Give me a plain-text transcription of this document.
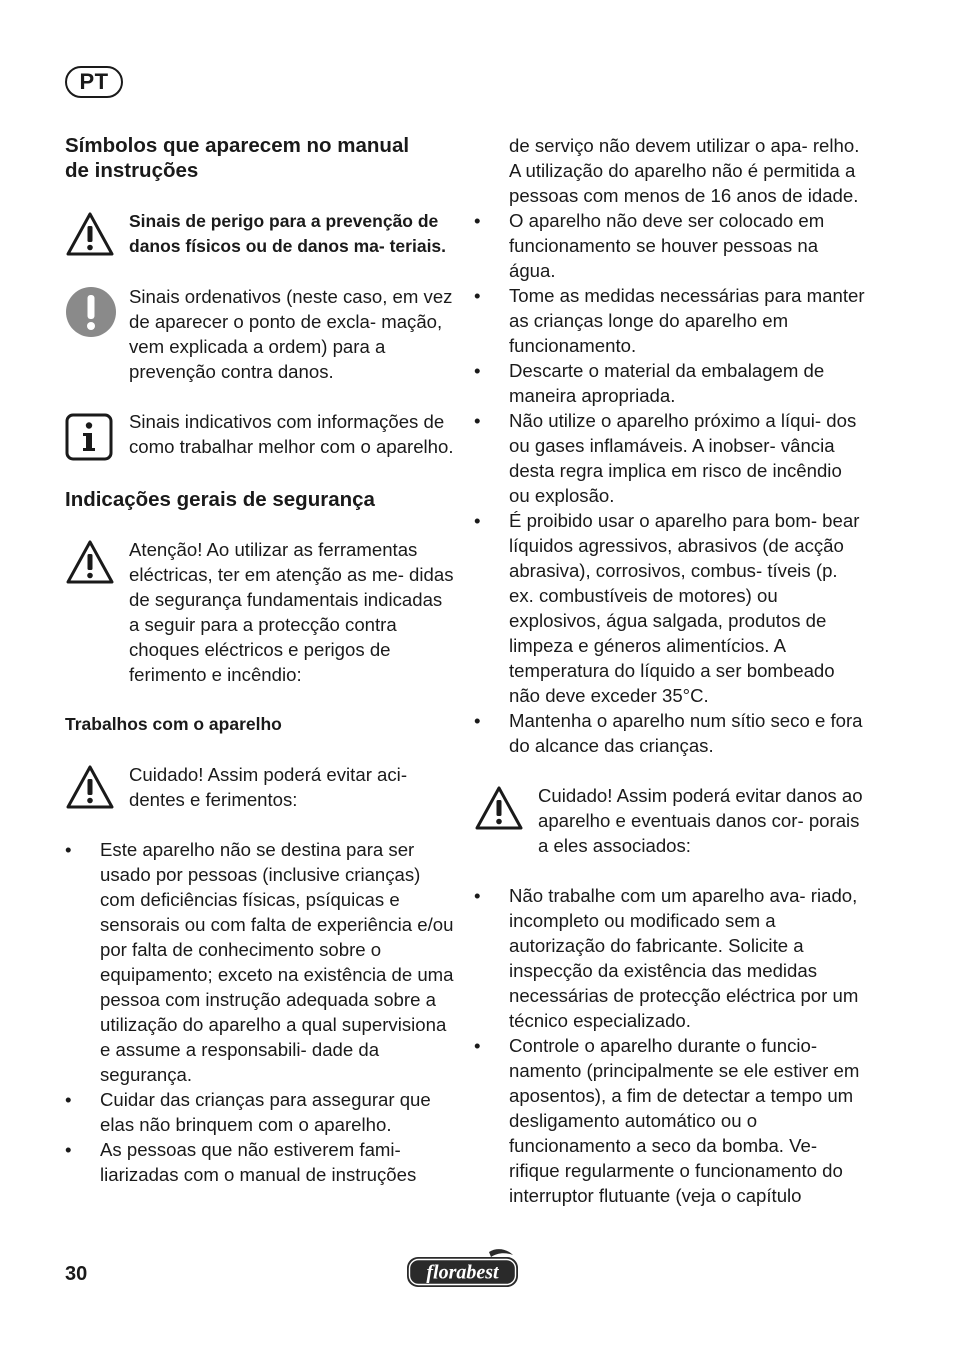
PT
Símbolos que aparecem no manual de instruções

Sinais de perigo para a prevenção de danos físicos ou de danos ma- teriais.

Sinais ordenativos (neste caso, em vez de aparecer o ponto de excla- mação, vem explicada a ordem) para a prevenção contra danos.

Sinais indicativos com informações de como trabalhar melhor com o aparelho.

Indicações gerais de segurança

Atenção! Ao utilizar as ferramentas eléctricas, ter em atenção as me- didas de segurança fundamentais indicadas a seguir para a protecção contra choques eléctricos e perigos de ferimento e incêndio:

Trabalhos com o aparelho

Cuidado! Assim poderá evitar aci- dentes e ferimentos:

• Este aparelho não se destina para ser usado por pessoas (inclusive crianças) com deficiências físicas, psíquicas e sensorais ou com falta de experiência e/ou por falta de conhecimento sobre o equipamento; exceto na existência de uma pessoa com instrução adequada sobre a utilização do aparelho a qual supervisiona e assume a responsabili- dade da segurança.
• Cuidar das crianças para assegurar que elas não brinquem com o aparelho.
• As pessoas que não estiverem fami- liarizadas com o manual de instruções

de serviço não devem utilizar o apa- relho. A utilização do aparelho não é permitida a pessoas com menos de 16 anos de idade.

• O aparelho não deve ser colocado em funcionamento se houver pessoas na água.
• Tome as medidas necessárias para manter as crianças longe do aparelho em funcionamento.
• Descarte o material da embalagem de maneira apropriada.
• Não utilize o aparelho próximo a líqui- dos ou gases inflamáveis. A inobser- vância desta regra implica em risco de incêndio ou explosão.
• É proibido usar o aparelho para bom- bear líquidos agressivos, abrasivos (de acção abrasiva), corrosivos, combus- tíveis (p. ex. combustíveis de motores) ou explosivos, água salgada, produtos de limpeza e géneros alimentícios. A temperatura do líquido a ser bombeado não deve exceder 35°C.
• Mantenha o aparelho num sítio seco e fora do alcance das crianças.

Cuidado! Assim poderá evitar danos ao aparelho e eventuais danos cor- porais a eles associados:

• Não trabalhe com um aparelho ava- riado, incompleto ou modificado sem a autorização do fabricante. Solicite a inspecção da existência das medidas necessárias de protecção eléctrica por um técnico especializado.
• Controle o aparelho durante o funcio- namento (principalmente se ele estiver em aposentos), a fim de detectar a tempo um desligamento automático ou o funcionamento a seco da bomba. Ve- rifique regularmente o funcionamento do interruptor flutuante (veja o capítulo
30	florabest
